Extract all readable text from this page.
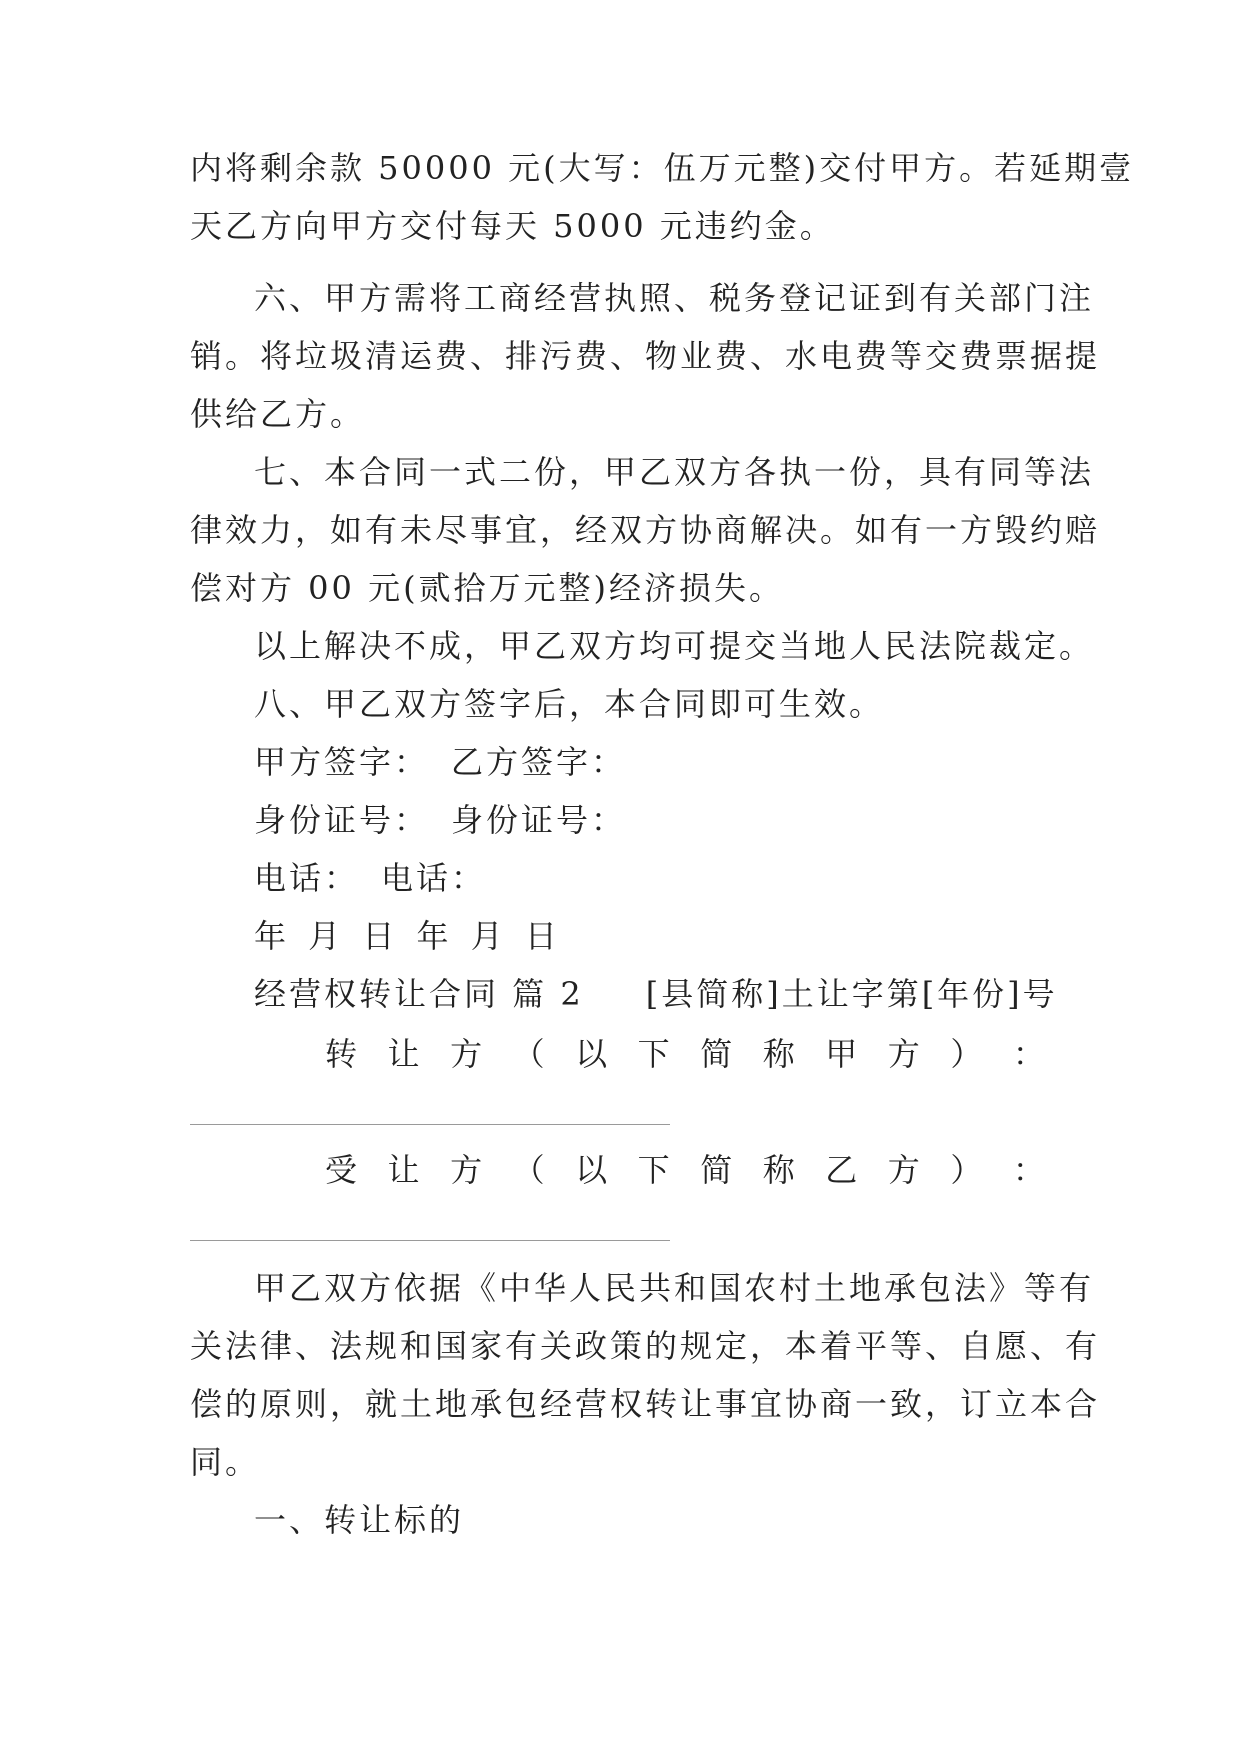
内将剩余款 50000 元(大写：伍万元整)交付甲方。若延期壹
天乙方向甲方交付每天 5000 元违约金。
六、甲方需将工商经营执照、税务登记证到有关部门注
销。将垃圾清运费、排污费、物业费、水电费等交费票据提
供给乙方。
七、本合同一式二份，甲乙双方各执一份，具有同等法
律效力，如有未尽事宜，经双方协商解决。如有一方毁约赔
偿对方 00 元(贰拾万元整)经济损失。
以上解决不成，甲乙双方均可提交当地人民法院裁定。
八、甲乙双方签字后，本合同即可生效。
甲方签字： 乙方签字：
身份证号： 身份证号：
电话： 电话：
年 月 日 年 月 日
经营权转让合同 篇 2 [县简称]土让字第[年份]号
转 让 方 （ 以 下 简 称 甲 方 ） ：
受 让 方 （ 以 下 简 称 乙 方 ） ：
甲乙双方依据《中华人民共和国农村土地承包法》等有
关法律、法规和国家有关政策的规定，本着平等、自愿、有
偿的原则，就土地承包经营权转让事宜协商一致，订立本合
同。
一、转让标的
